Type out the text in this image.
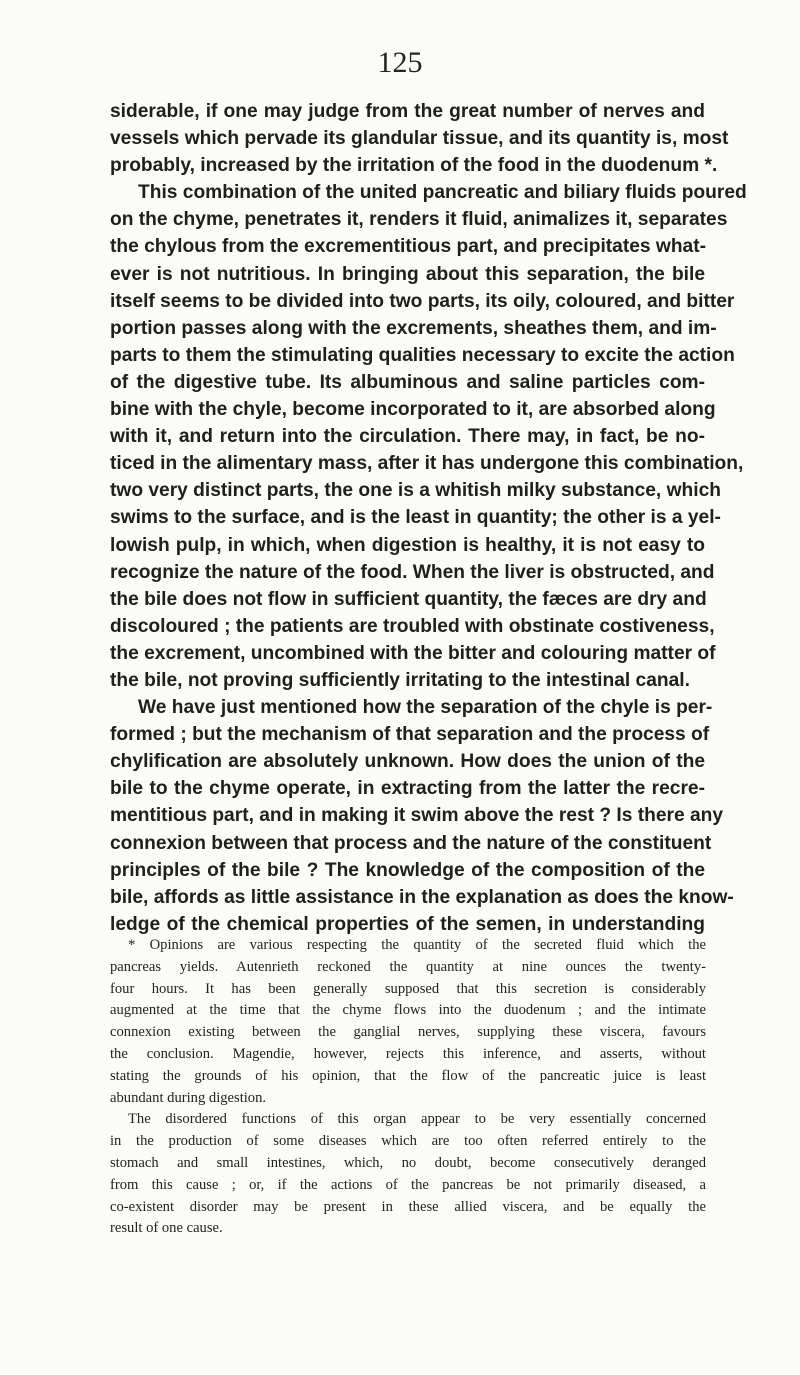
125
siderable, if one may judge from the great number of nerves and
vessels which pervade its glandular tissue, and its quantity is, most
probably, increased by the irritation of the food in the duodenum *.
This combination of the united pancreatic and biliary fluids poured
on the chyme, penetrates it, renders it fluid, animalizes it, separates
the chylous from the excrementitious part, and precipitates what-
ever is not nutritious. In bringing about this separation, the bile
itself seems to be divided into two parts, its oily, coloured, and bitter
portion passes along with the excrements, sheathes them, and im-
parts to them the stimulating qualities necessary to excite the action
of the digestive tube. Its albuminous and saline particles com-
bine with the chyle, become incorporated to it, are absorbed along
with it, and return into the circulation. There may, in fact, be no-
ticed in the alimentary mass, after it has undergone this combination,
two very distinct parts, the one is a whitish milky substance, which
swims to the surface, and is the least in quantity; the other is a yel-
lowish pulp, in which, when digestion is healthy, it is not easy to
recognize the nature of the food. When the liver is obstructed, and
the bile does not flow in sufficient quantity, the fæces are dry and
discoloured ; the patients are troubled with obstinate costiveness,
the excrement, uncombined with the bitter and colouring matter of
the bile, not proving sufficiently irritating to the intestinal canal.
We have just mentioned how the separation of the chyle is per-
formed ; but the mechanism of that separation and the process of
chylification are absolutely unknown. How does the union of the
bile to the chyme operate, in extracting from the latter the recre-
mentitious part, and in making it swim above the rest ? Is there any
connexion between that process and the nature of the constituent
principles of the bile ? The knowledge of the composition of the
bile, affords as little assistance in the explanation as does the know-
ledge of the chemical properties of the semen, in understanding
* Opinions are various respecting the quantity of the secreted fluid which the
pancreas yields. Autenrieth reckoned the quantity at nine ounces the twenty-
four hours. It has been generally supposed that this secretion is considerably
augmented at the time that the chyme flows into the duodenum ; and the intimate
connexion existing between the ganglial nerves, supplying these viscera, favours
the conclusion. Magendie, however, rejects this inference, and asserts, without
stating the grounds of his opinion, that the flow of the pancreatic juice is least
abundant during digestion.
The disordered functions of this organ appear to be very essentially concerned
in the production of some diseases which are too often referred entirely to the
stomach and small intestines, which, no doubt, become consecutively deranged
from this cause ; or, if the actions of the pancreas be not primarily diseased, a
co-existent disorder may be present in these allied viscera, and be equally the
result of one cause.
